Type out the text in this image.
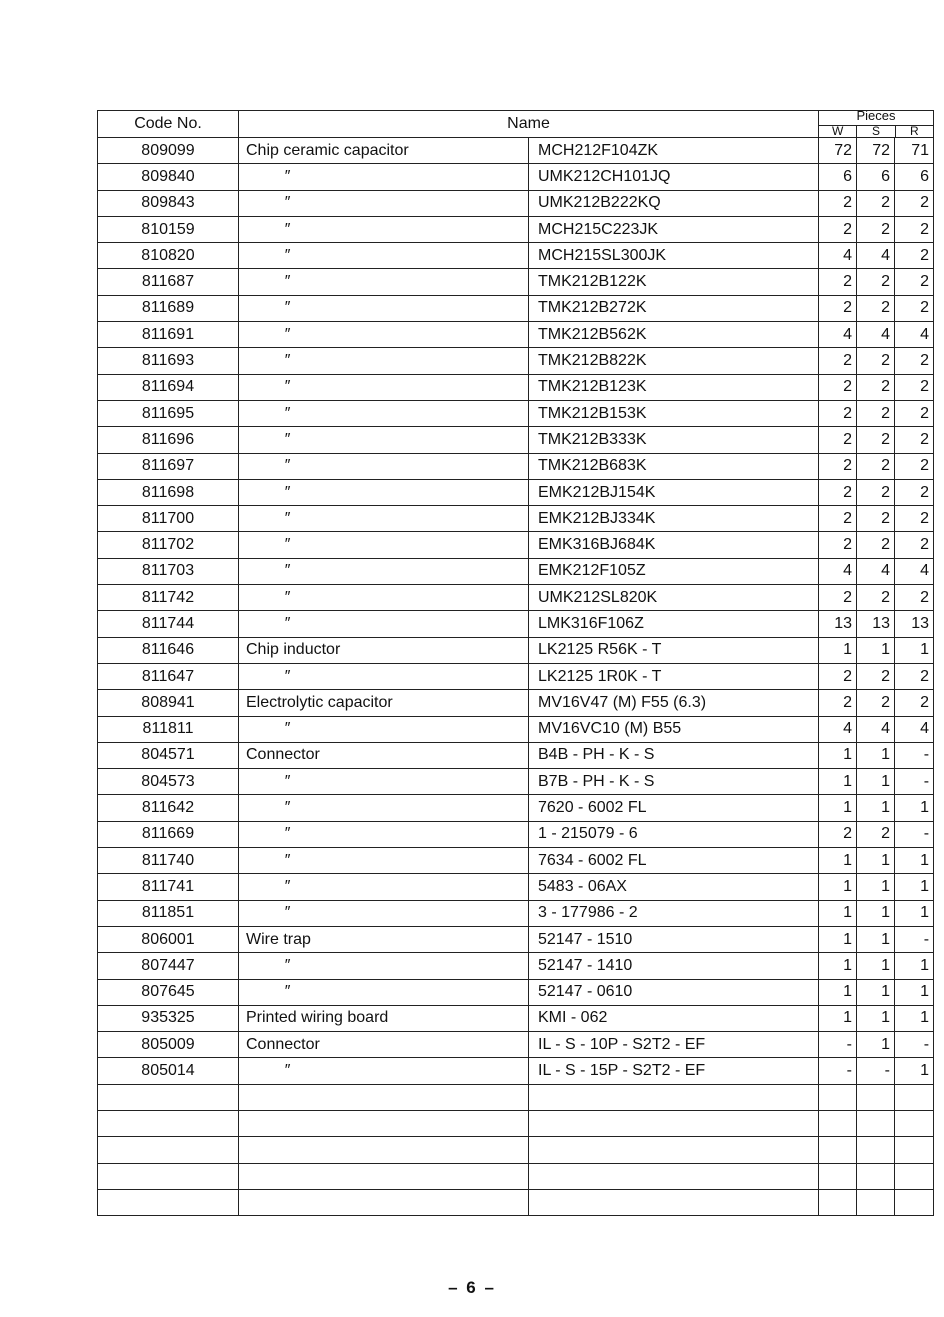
Code No.	Name		Pieces
W S R		

809099	Chip ceramic capacitor	MCH212F104ZK	72	72	71
809840	″	UMK212CH101JQ	6	6	6
809843	″	UMK212B222KQ	2	2	2
810159	″	MCH215C223JK	2	2	2
810820	″	MCH215SL300JK	4	4	2
811687	″	TMK212B122K	2	2	2
811689	″	TMK212B272K	2	2	2
811691	″	TMK212B562K	4	4	4
811693	″	TMK212B822K	2	2	2
811694	″	TMK212B123K	2	2	2
811695	″	TMK212B153K	2	2	2
811696	″	TMK212B333K	2	2	2
811697	″	TMK212B683K	2	2	2
811698	″	EMK212BJ154K	2	2	2
811700	″	EMK212BJ334K	2	2	2
811702	″	EMK316BJ684K	2	2	2
811703	″	EMK212F105Z	4	4	4
811742	″	UMK212SL820K	2	2	2
811744	″	LMK316F106Z	13	13	13
811646	Chip inductor	LK2125 R56K - T	1	1	1
811647	″	LK2125 1R0K - T	2	2	2
808941	Electrolytic capacitor	MV16V47 (M) F55 (6.3)	2	2	2
811811	″	MV16VC10 (M) B55	4	4	4
804571	Connector	B4B - PH - K - S	1	1	-
804573	″	B7B - PH - K - S	1	1	-
811642	″	7620 - 6002 FL	1	1	1
811669	″	1 - 215079 - 6	2	2	-
811740	″	7634 - 6002 FL	1	1	1
811741	″	5483 - 06AX	1	1	1
811851	″	3 - 177986 - 2	1	1	1
806001	Wire trap	52147 - 1510	1	1	-
807447	″	52147 - 1410	1	1	1
807645	″	52147 - 0610	1	1	1
935325	Printed wiring board	KMI - 062	1	1	1
805009	Connector	IL - S - 10P - S2T2 - EF	-	1	-
805014	″	IL - S - 15P - S2T2 - EF	-	-	1

– 6 –
